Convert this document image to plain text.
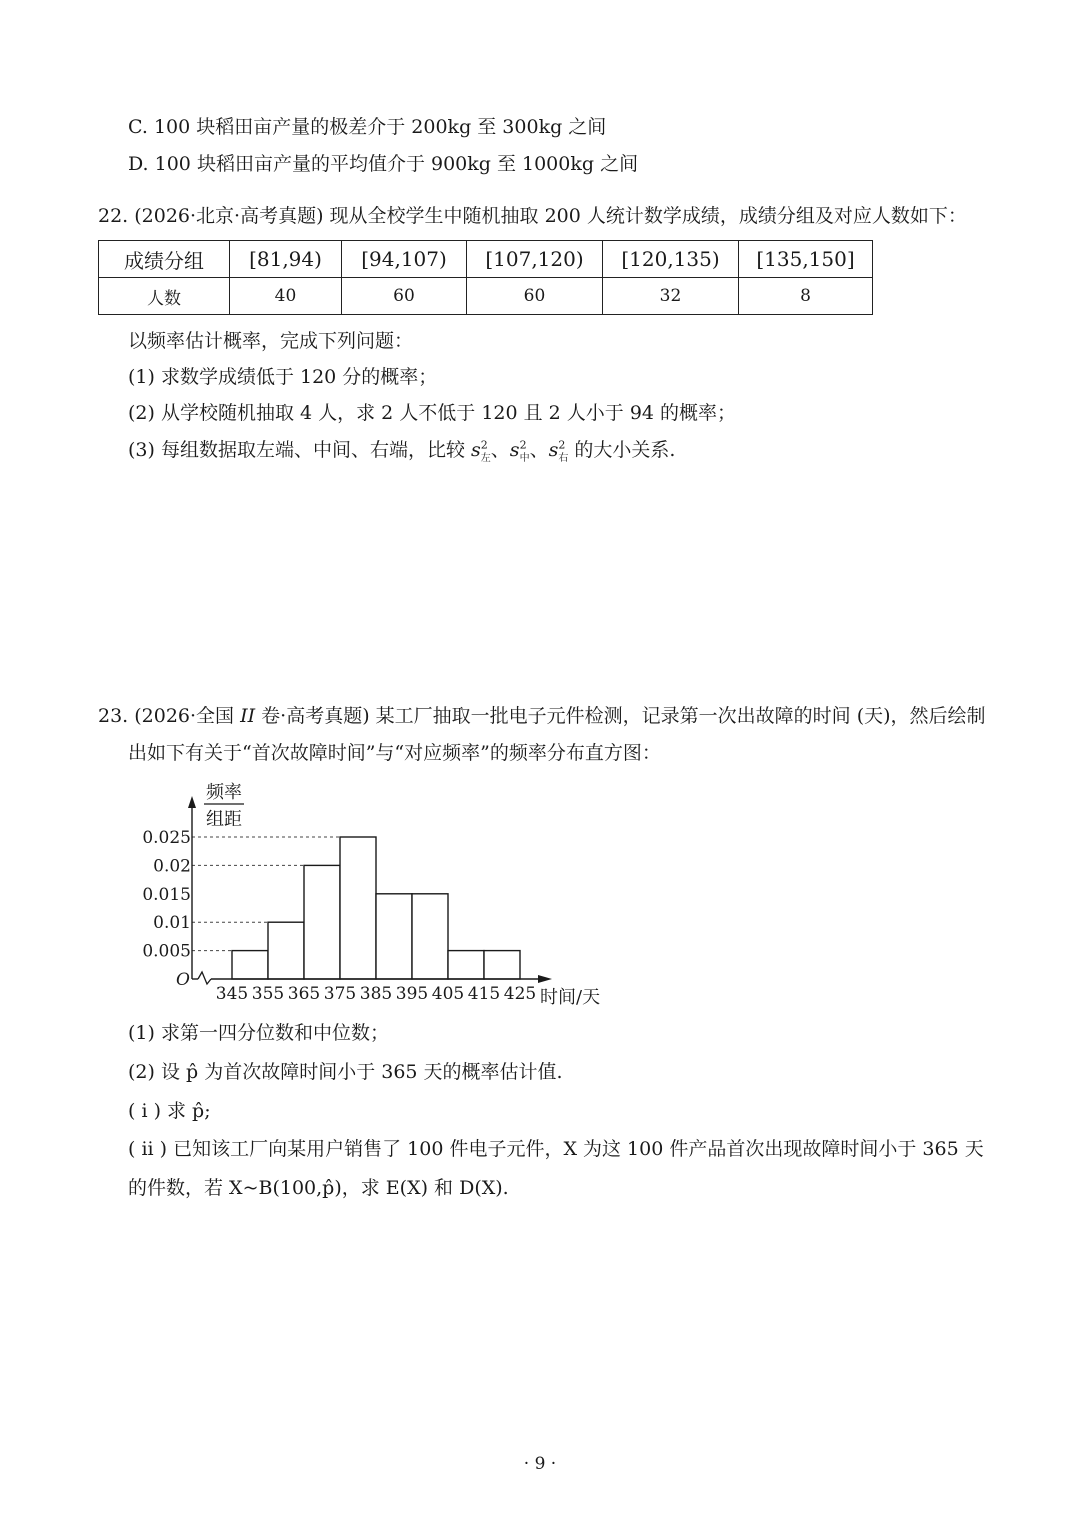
C. 100 块稻田亩产量的极差介于 200kg 至 300kg 之间
D. 100 块稻田亩产量的平均值介于 900kg 至 1000kg 之间
22. (2026·北京·高考真题) 现从全校学生中随机抽取 200 人统计数学成绩，成绩分组及对应人数如下：
成绩分组	[81,94)	[94,107)	[107,120)	[120,135)	[135,150]
人数	40	60	60	32	8
以频率估计概率，完成下列问题：
(1) 求数学成绩低于 120 分的概率；
(2) 从学校随机抽取 4 人，求 2 人不低于 120 且 2 人小于 94 的概率；
(3) 每组数据取左端、中间、右端，比较 $s^2_左$、$s^2_中$、$s^2_右$ 的大小关系.
23. (2026·全国 II 卷·高考真题) 某工厂抽取一批电子元件检测，记录第一次出故障的时间 (天)，然后绘制
出如下有关于“首次故障时间”与“对应频率”的频率分布直方图：
0.005
0.01
0.015
0.02
0.025
345 355 365 375 385 395 405 415 425
O
频率
组距
时间/天
(1) 求第一四分位数和中位数；
(2) 设 p̂ 为首次故障时间小于 365 天的概率估计值.
( i ) 求 p̂;
( ii ) 已知该工厂向某用户销售了 100 件电子元件，X 为这 100 件产品首次出现故障时间小于 365 天
的件数，若 X~B(100,p̂)，求 E(X) 和 D(X).
· 9 ·
